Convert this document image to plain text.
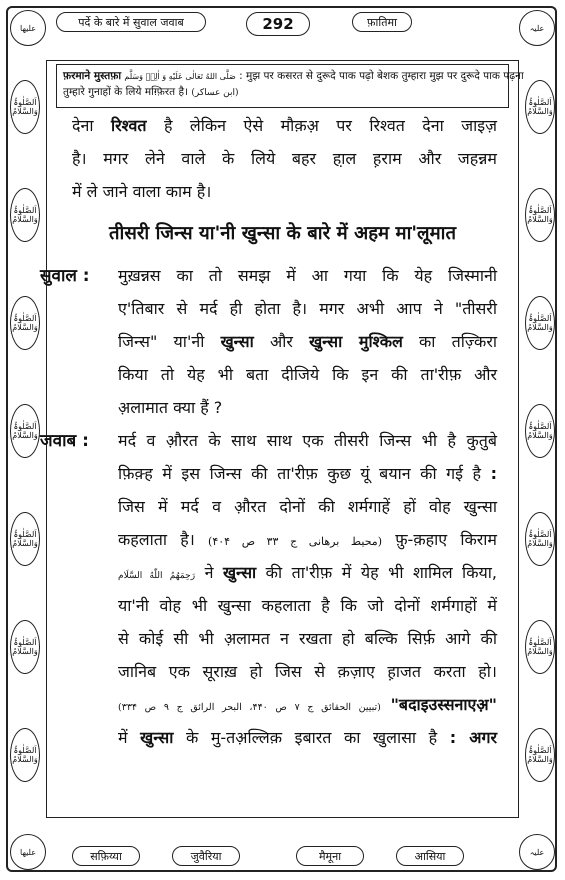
علیها	علیہ
علیها	علیہ
اَلصَّلٰوۃُ وَالسَّلَامُ
اَلصَّلٰوۃُ وَالسَّلَامُ
اَلصَّلٰوۃُ وَالسَّلَامُ
اَلصَّلٰوۃُ وَالسَّلَامُ
اَلصَّلٰوۃُ وَالسَّلَامُ
اَلصَّلٰوۃُ وَالسَّلَامُ
اَلصَّلٰوۃُ وَالسَّلَامُ
اَلصَّلٰوۃُ وَالسَّلَامُ
اَلصَّلٰوۃُ وَالسَّلَامُ
اَلصَّلٰوۃُ وَالسَّلَامُ
اَلصَّلٰوۃُ وَالسَّلَامُ
اَلصَّلٰوۃُ وَالسَّلَامُ
اَلصَّلٰوۃُ وَالسَّلَامُ
اَلصَّلٰوۃُ وَالسَّلَامُ
पर्दे के बारे में सुवाल जवाब	292	फ़ातिमा
फ़रमाने मुस्तफ़ा صَلَّى اللهُ تَعَالٰى عَلَيْهِ وَ اٰلِهٖ وَسَلَّم : मुझ पर कसरत से दुरूदे पाक पढ़ो बेशक तुम्हारा मुझ पर दुरूदे पाक पढ़ना
तुम्हारे गुनाहों के लिये मग़्फ़िरत है। (ابن عساکر)
देना रिश्वत है लेकिन ऐसे मौक़अ़ पर रिश्वत देना जाइज़
है। मगर लेने वाले के लिये बहर हा़ल ह़राम और जहन्नम
में ले जाने वाला काम है।
तीसरी जिन्स या'नी खुन्सा के बारे में अहम मा'लूमात
सुवाल : मुख़न्नस का तो समझ में आ गया कि येह जिस्मानी
ए'तिबार से मर्द ही होता है। मगर अभी आप ने "तीसरी
जिन्स" या'नी खुन्सा और खुन्सा मुश्किल का तज़्किरा
किया तो येह भी बता दीजिये कि इन की ता'रीफ़ और
अ़लामात क्या हैं ?
जवाब : मर्द व औ़रत के साथ साथ एक तीसरी जिन्स भी है कुतुबे
फ़िक़्ह में इस जिन्स की ता'रीफ़ कुछ यूं बयान की गई है :
जिस में मर्द व औ़रत दोनों की शर्मगाहें हों वोह खुन्सा
कहलाता है। (محیط برھانی ج ۳۳ ص ۴۰۴) फ़ु-क़हाए किराम
رَحِمَهُمُ اللّٰهُ السَّلَام ने खुन्सा की ता'रीफ़ में येह भी शामिल किया,
या'नी वोह भी खुन्सा कहलाता है कि जो दोनों शर्मगाहों में
से कोई सी भी अ़लामत न रखता हो बल्कि सिर्फ़ आगे की
जानिब एक सूराख़ हो जिस से क़ज़ाए ह़ाजत करता हो।
(تبیین الحقائق ج ۷ ص ۴۴۰، البحر الرائق ج ۹ ص ۳۳۴) "बदाइउस्सनाएअ़"
में खुन्सा के मु-तअ़ल्लिक़ इबारत का खुलासा है : अगर
सफ़िय्या	जुवैरिया	मैमूना	आसिया
